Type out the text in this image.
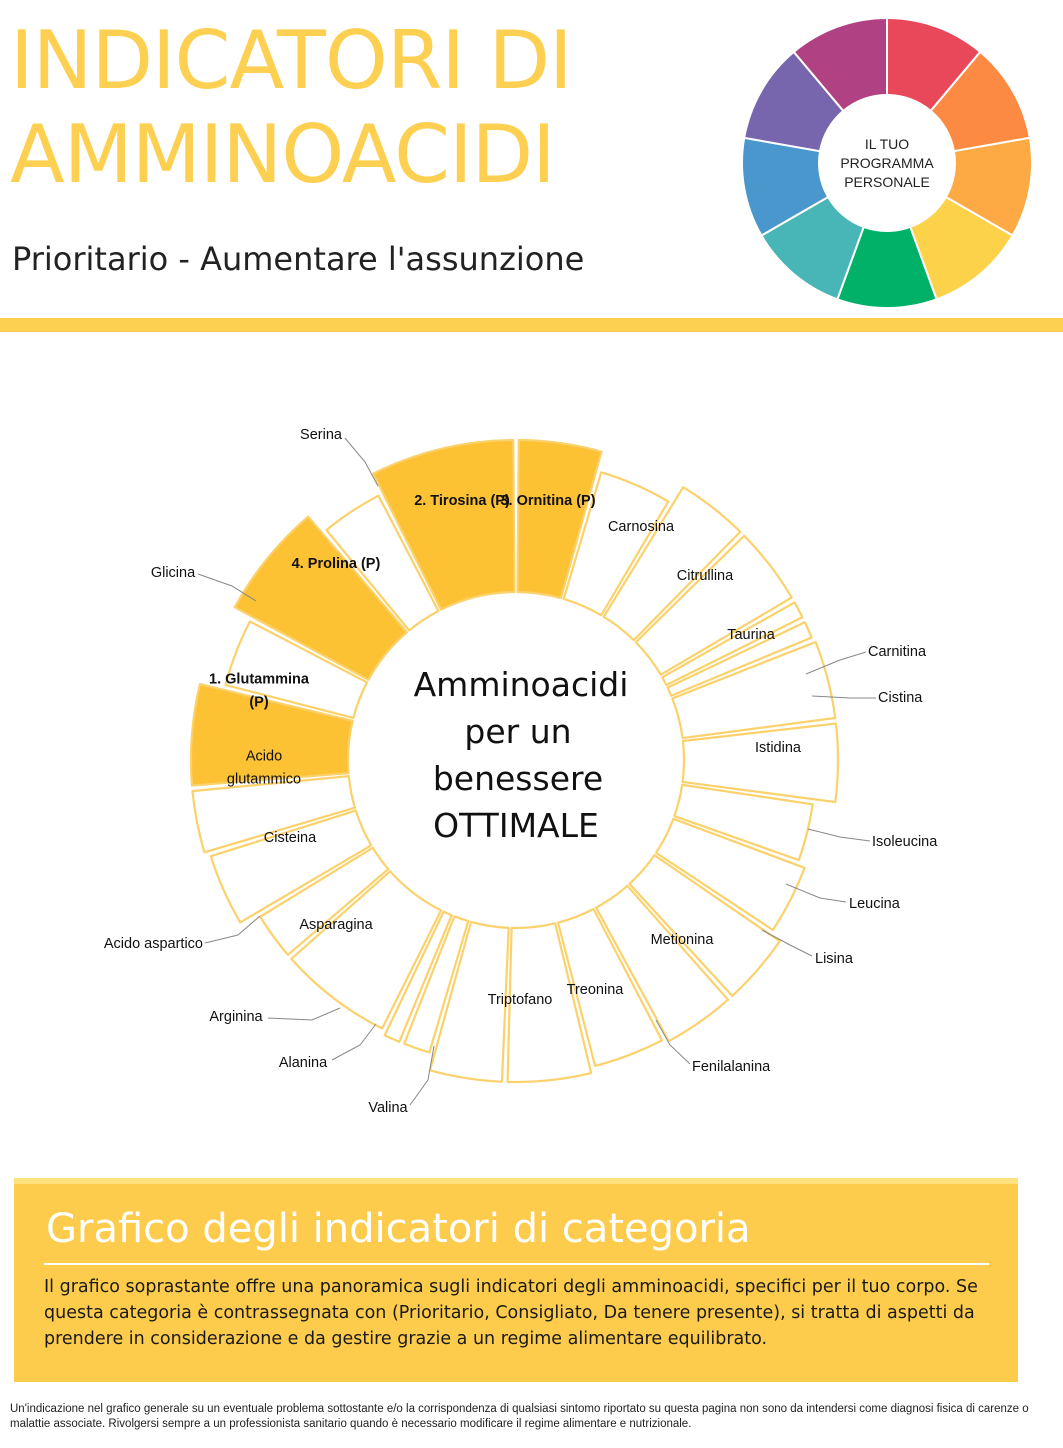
INDICATORI DI
AMMINOACIDI

Prioritario - Aumentare l'assunzione

IL TUO
PROGRAMMA
PERSONALE
3. Ornitina (P)
Carnosina
Citrullina
Taurina
Carnitina
Cistina
Istidina
Isoleucina
Leucina
Lisina
Metionina
Fenilalanina
Treonina
Triptofano
Valina
Alanina
Arginina
Asparagina
Acido aspartico
Cisteina
Acido
glutammico
1. Glutammina
(P)
Glicina
4. Prolina (P)
Serina
2. Tirosina (P)
Amminoacidi
per un
benessere
OTTIMALE
Grafico degli indicatori di categoria

Il grafico soprastante offre una panoramica sugli indicatori degli amminoacidi, specifici per il tuo corpo. Se questa categoria è contrassegnata con (Prioritario, Consigliato, Da tenere presente), si tratta di aspetti da prendere in considerazione e da gestire grazie a un regime alimentare equilibrato.

Un'indicazione nel grafico generale su un eventuale problema sottostante e/o la corrispondenza di qualsiasi sintomo riportato su questa pagina non sono da intendersi come diagnosi fisica di carenze o malattie associate. Rivolgersi sempre a un professionista sanitario quando è necessario modificare il regime alimentare e nutrizionale.
